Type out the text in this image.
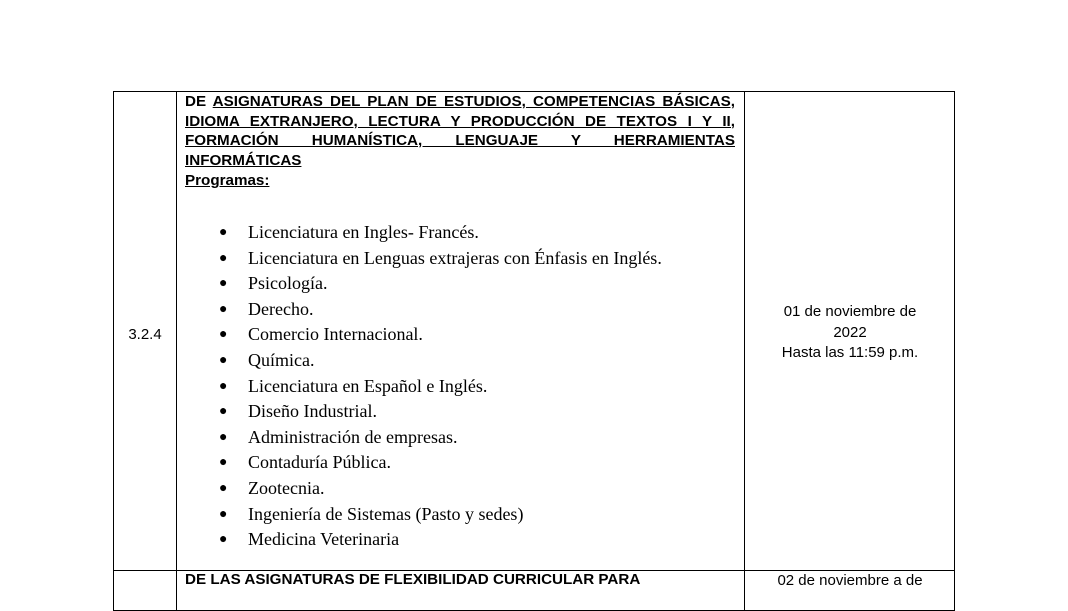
3.2.4

DE ASIGNATURAS DEL PLAN DE ESTUDIOS, COMPETENCIAS BÁSICAS, IDIOMA EXTRANJERO, LECTURA Y PRODUCCIÓN DE TEXTOS I Y II, FORMACIÓN HUMANÍSTICA, LENGUAJE Y HERRAMIENTAS INFORMÁTICAS

Programas:

● Licenciatura en Ingles- Francés.
● Licenciatura en Lenguas extrajeras con Énfasis en Inglés.
● Psicología.
● Derecho.
● Comercio Internacional.
● Química.
● Licenciatura en Español e Inglés.
● Diseño Industrial.
● Administración de empresas.
● Contaduría Pública.
● Zootecnia.
● Ingeniería de Sistemas (Pasto y sedes)
● Medicina Veterinaria
01 de noviembre de
2022
Hasta las 11:59 p.m.

DE LAS ASIGNATURAS DE FLEXIBILIDAD CURRICULAR PARA	02 de noviembre a de
